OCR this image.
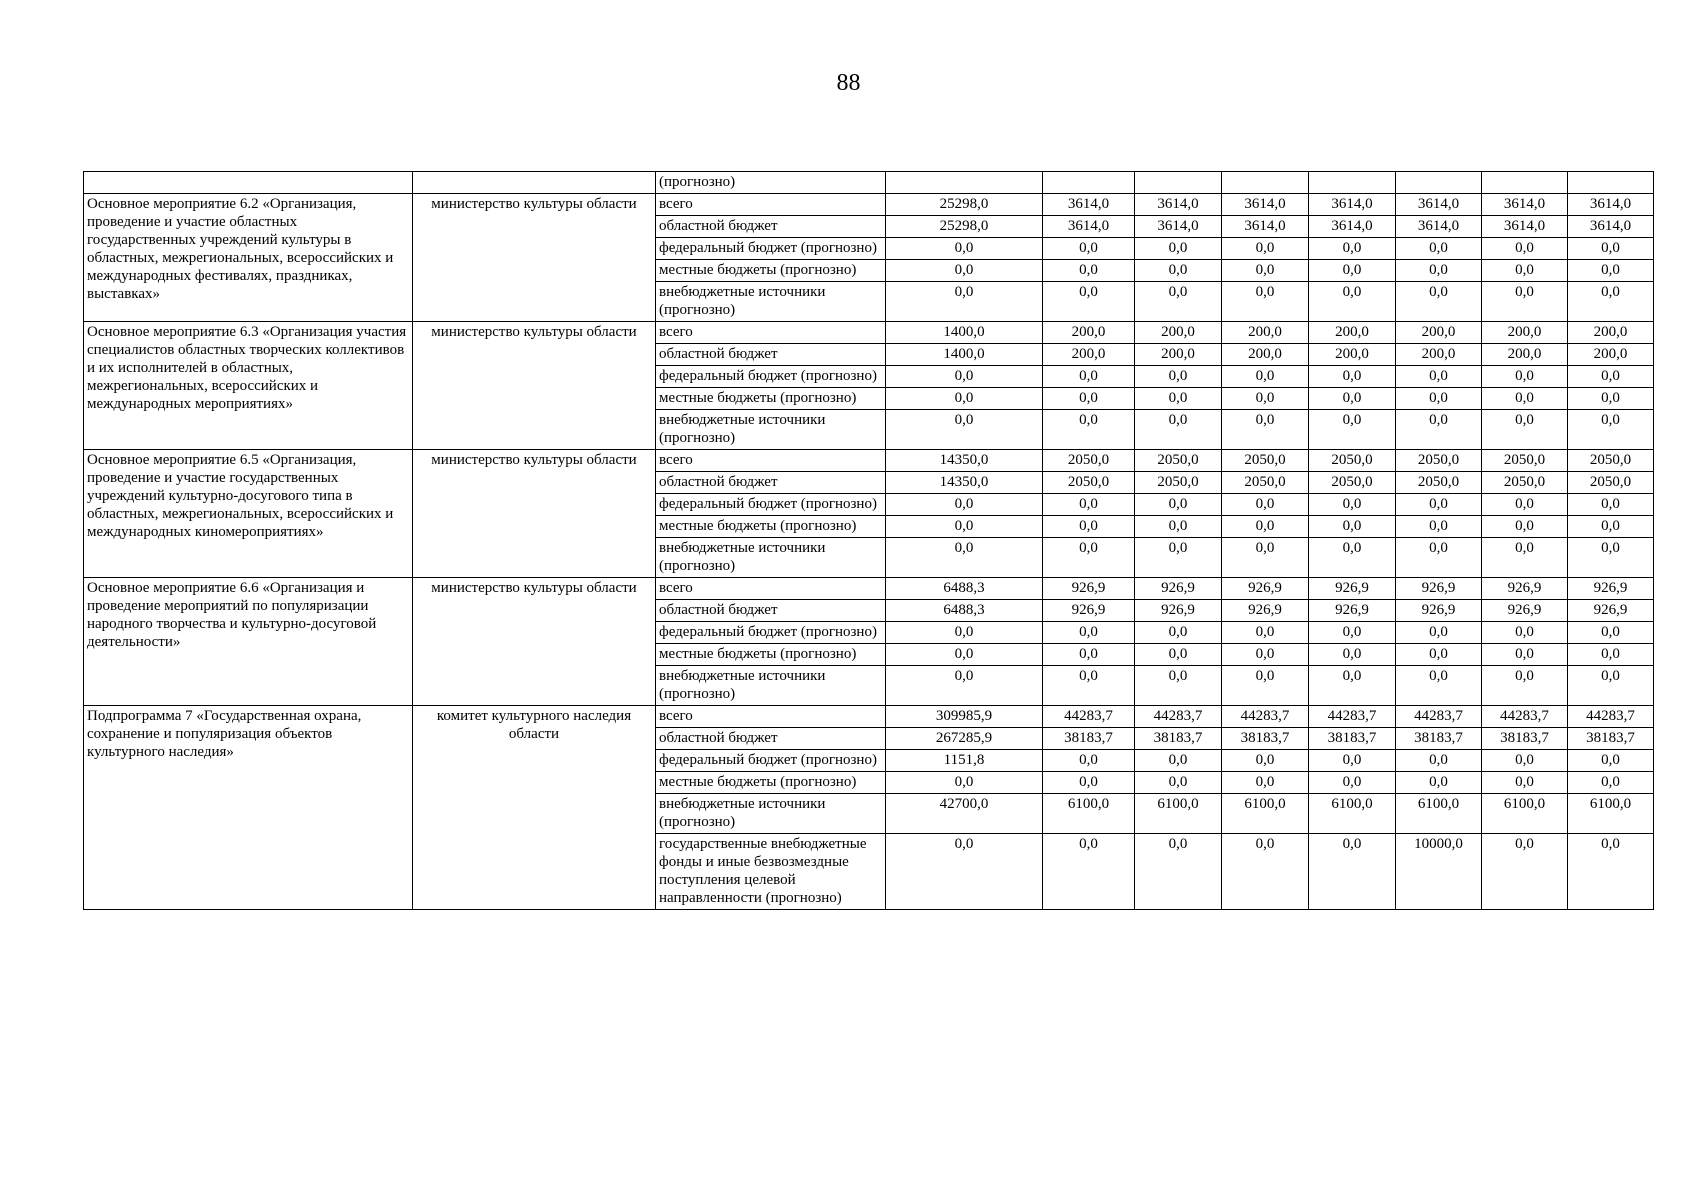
88
		(прогнозно)								
Основное мероприятие 6.2 «Организация, проведение и участие областных государственных учреждений культуры в областных, межрегиональных, всероссийских и международных фестивалях, праздниках, выставках»	министерство культуры области	всего	25298,0	3614,0	3614,0	3614,0	3614,0	3614,0	3614,0	3614,0
		областной бюджет	25298,0	3614,0	3614,0	3614,0	3614,0	3614,0	3614,0	3614,0
		федеральный бюджет (прогнозно)	0,0	0,0	0,0	0,0	0,0	0,0	0,0	0,0
		местные бюджеты (прогнозно)	0,0	0,0	0,0	0,0	0,0	0,0	0,0	0,0
		внебюджетные источники (прогнозно)	0,0	0,0	0,0	0,0	0,0	0,0	0,0	0,0
Основное мероприятие 6.3 «Организация участия специалистов областных творческих коллективов и их исполнителей в областных, межрегиональных, всероссийских и международных мероприятиях»	министерство культуры области	всего	1400,0	200,0	200,0	200,0	200,0	200,0	200,0	200,0
		областной бюджет	1400,0	200,0	200,0	200,0	200,0	200,0	200,0	200,0
		федеральный бюджет (прогнозно)	0,0	0,0	0,0	0,0	0,0	0,0	0,0	0,0
		местные бюджеты (прогнозно)	0,0	0,0	0,0	0,0	0,0	0,0	0,0	0,0
		внебюджетные источники (прогнозно)	0,0	0,0	0,0	0,0	0,0	0,0	0,0	0,0
Основное мероприятие 6.5 «Организация, проведение и участие государственных учреждений культурно-досугового типа в областных, межрегиональных, всероссийских и международных киномероприятиях»	министерство культуры области	всего	14350,0	2050,0	2050,0	2050,0	2050,0	2050,0	2050,0	2050,0
		областной бюджет	14350,0	2050,0	2050,0	2050,0	2050,0	2050,0	2050,0	2050,0
		федеральный бюджет (прогнозно)	0,0	0,0	0,0	0,0	0,0	0,0	0,0	0,0
		местные бюджеты (прогнозно)	0,0	0,0	0,0	0,0	0,0	0,0	0,0	0,0
		внебюджетные источники (прогнозно)	0,0	0,0	0,0	0,0	0,0	0,0	0,0	0,0
Основное мероприятие 6.6 «Организация и проведение мероприятий по популяризации народного творчества и культурно-досуговой деятельности»	министерство культуры области	всего	6488,3	926,9	926,9	926,9	926,9	926,9	926,9	926,9
		областной бюджет	6488,3	926,9	926,9	926,9	926,9	926,9	926,9	926,9
		федеральный бюджет (прогнозно)	0,0	0,0	0,0	0,0	0,0	0,0	0,0	0,0
		местные бюджеты (прогнозно)	0,0	0,0	0,0	0,0	0,0	0,0	0,0	0,0
		внебюджетные источники (прогнозно)	0,0	0,0	0,0	0,0	0,0	0,0	0,0	0,0
Подпрограмма 7 «Государственная охрана, сохранение и популяризация объектов культурного наследия»	комитет культурного наследия области	всего	309985,9	44283,7	44283,7	44283,7	44283,7	44283,7	44283,7	44283,7
		областной бюджет	267285,9	38183,7	38183,7	38183,7	38183,7	38183,7	38183,7	38183,7
		федеральный бюджет (прогнозно)	1151,8	0,0	0,0	0,0	0,0	0,0	0,0	0,0
		местные бюджеты (прогнозно)	0,0	0,0	0,0	0,0	0,0	0,0	0,0	0,0
		внебюджетные источники (прогнозно)	42700,0	6100,0	6100,0	6100,0	6100,0	6100,0	6100,0	6100,0
		государственные внебюджетные фонды и иные безвозмездные поступления целевой направленности (прогнозно)	0,0	0,0	0,0	0,0	0,0	10000,0	0,0	0,0
